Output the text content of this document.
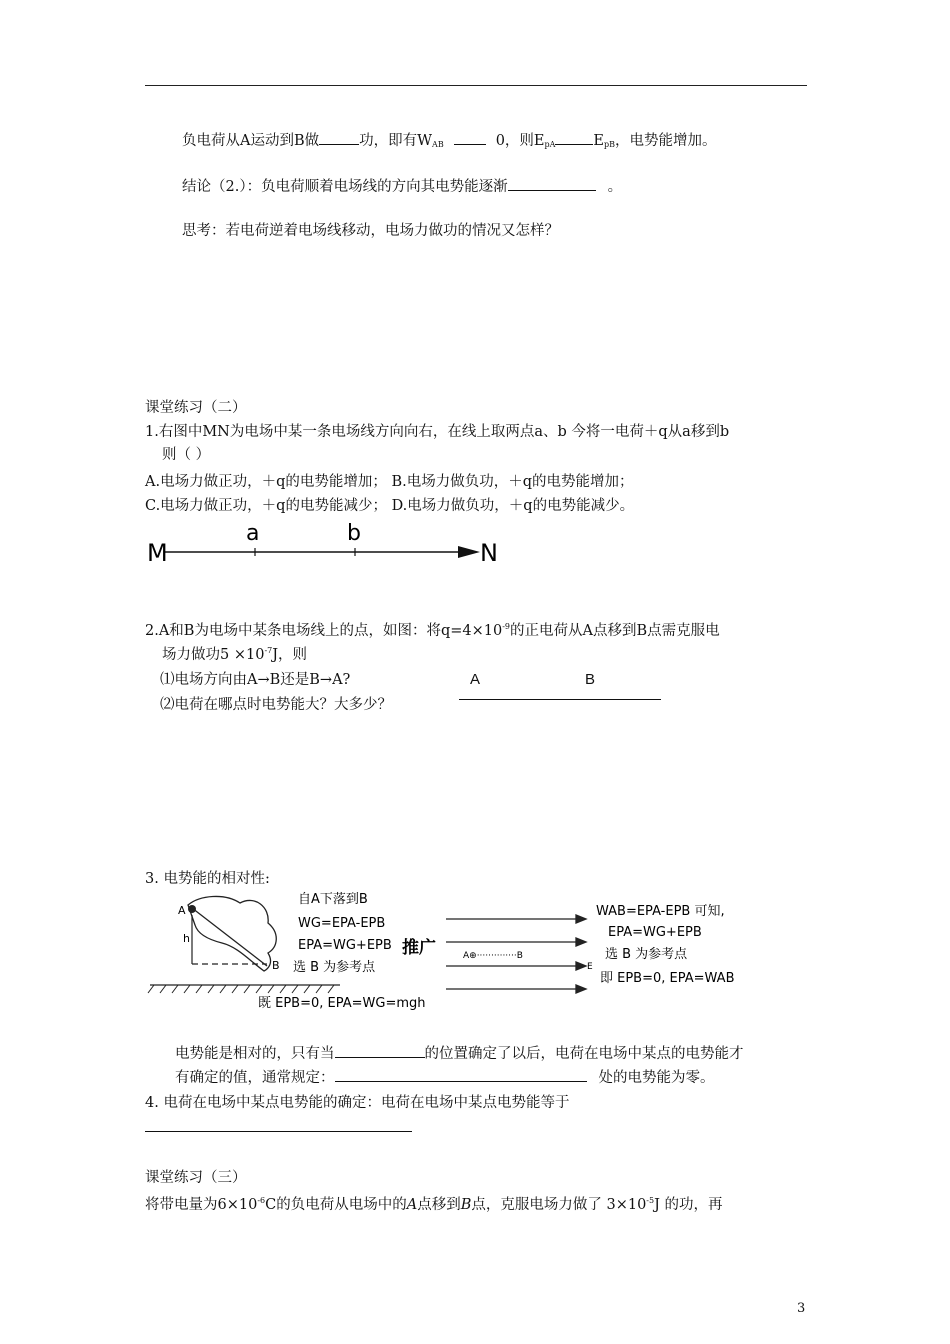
负电荷从A运动到B做	功，即有$W_{AB}$	0，则$E_{pA}$	$E_{pB}$，电势能增加。
结论（2.）：负电荷顺着电场线的方向其电势能逐渐	。
思考：若电荷逆着电场线移动，电场力做功的情况又怎样？
课堂练习（二）
1.右图中MN为电场中某一条电场线方向向右，在线上取两点a、b 今将一电荷＋q从a移到b
则（ ）
A.电场力做正功，＋q的电势能增加； B.电场力做负功，＋q的电势能增加；
C.电场力做正功，＋q的电势能减少； D.电场力做负功，＋q的电势能减少。
M
a	b
N
2.A和B为电场中某条电场线上的点，如图：将$q=4\times 10^{-9}$的正电荷从A点移到B点需克服电
场力做功$5 \times 10^{-7}J$，则
⑴电场方向由A→B还是B→A?
⑵电荷在哪点时电势能大？大多少？
A	B
3. 电势能的相对性:
A
h
B
自A下落到B
WG=EPA-EPB
EPA=WG+EPB
选 B 为参考点
既 EPB=0, EPA=WG=mgh
推广	A⊕··············B
E
WAB=EPA-EPB 可知,
EPA=WG+EPB
选 B 为参考点
即 EPB=0, EPA=WAB
电势能是相对的，只有当	的位置确定了以后，电荷在电场中某点的电势能才
有确定的值，通常规定：	处的电势能为零。
4. 电荷在电场中某点电势能的确定：电荷在电场中某点电势能等于
课堂练习（三）
将带电量为$6\times 10^{-6}C$的负电荷从电场中的A点移到B点，克服电场力做了 $3\times 10^{-5}J$ 的功，再
3
